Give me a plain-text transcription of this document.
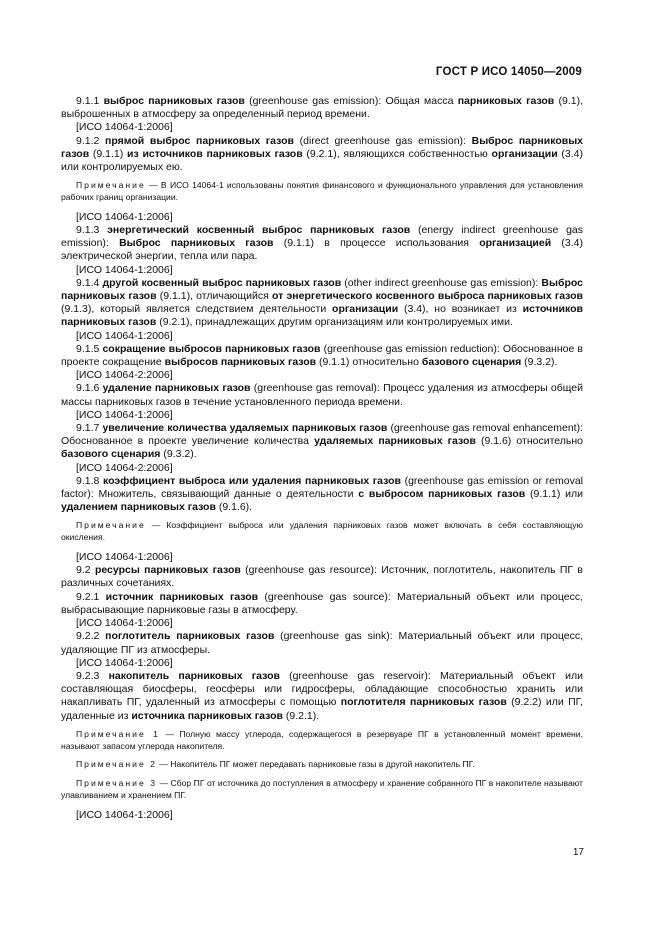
ГОСТ Р ИСО 14050—2009

9.1.1 выброс парниковых газов (greenhouse gas emission): Общая масса парниковых газов (9.1), выброшенных в атмосферу за определенный период времени.

[ИСО 14064-1:2006]

9.1.2 прямой выброс парниковых газов (direct greenhouse gas emission): Выброс парниковых газов (9.1.1) из источников парниковых газов (9.2.1), являющихся собственностью организации (3.4) или контролируемых ею.

Примечание — В ИСО 14064-1 использованы понятия финансового и функционального управления для установления рабочих границ организации.

[ИСО 14064-1:2006]

9.1.3 энергетический косвенный выброс парниковых газов (energy indirect greenhouse gas emission): Выброс парниковых газов (9.1.1) в процессе использования организацией (3.4) электрической энергии, тепла или пара.

[ИСО 14064-1:2006]

9.1.4 другой косвенный выброс парниковых газов (other indirect greenhouse gas emission): Выброс парниковых газов (9.1.1), отличающийся от энергетического косвенного выброса парниковых газов (9.1.3), который является следствием деятельности организации (3.4), но возникает из источников парниковых газов (9.2.1), принадлежащих другим организациям или контролируемых ими.

[ИСО 14064-1:2006]

9.1.5 сокращение выбросов парниковых газов (greenhouse gas emission reduction): Обоснованное в проекте сокращение выбросов парниковых газов (9.1.1) относительно базового сценария (9.3.2).

[ИСО 14064-2:2006]

9.1.6 удаление парниковых газов (greenhouse gas removal): Процесс удаления из атмосферы общей массы парниковых газов в течение установленного периода времени.

[ИСО 14064-1:2006]

9.1.7 увеличение количества удаляемых парниковых газов (greenhouse gas removal enhancement): Обоснованное в проекте увеличение количества удаляемых парниковых газов (9.1.6) относительно базового сценария (9.3.2).

[ИСО 14064-2:2006]

9.1.8 коэффициент выброса или удаления парниковых газов (greenhouse gas emission or removal factor): Множитель, связывающий данные о деятельности с выбросом парниковых газов (9.1.1) или удалением парниковых газов (9.1.6).

Примечание — Коэффициент выброса или удаления парниковых газов может включать в себя составляющую окисления.

[ИСО 14064-1:2006]

9.2 ресурсы парниковых газов (greenhouse gas resource): Источник, поглотитель, накопитель ПГ в различных сочетаниях.

9.2.1 источник парниковых газов (greenhouse gas source): Материальный объект или процесс, выбрасывающие парниковые газы в атмосферу.

[ИСО 14064-1:2006]

9.2.2 поглотитель парниковых газов (greenhouse gas sink): Материальный объект или процесс, удаляющие ПГ из атмосферы.

[ИСО 14064-1:2006]

9.2.3 накопитель парниковых газов (greenhouse gas reservoir): Материальный объект или составляющая биосферы, геосферы или гидросферы, обладающие способностью хранить или накапливать ПГ, удаленный из атмосферы с помощью поглотителя парниковых газов (9.2.2) или ПГ, удаленные из источника парниковых газов (9.2.1).

Примечание 1 — Полную массу углерода, содержащегося в резервуаре ПГ в установленный момент времени, называют запасом углерода накопителя.

Примечание 2 — Накопитель ПГ может передавать парниковые газы в другой накопитель ПГ.

Примечание 3 — Сбор ПГ от источника до поступления в атмосферу и хранение собранного ПГ в накопителе называют улавливанием и хранением ПГ.

[ИСО 14064-1:2006]

17
